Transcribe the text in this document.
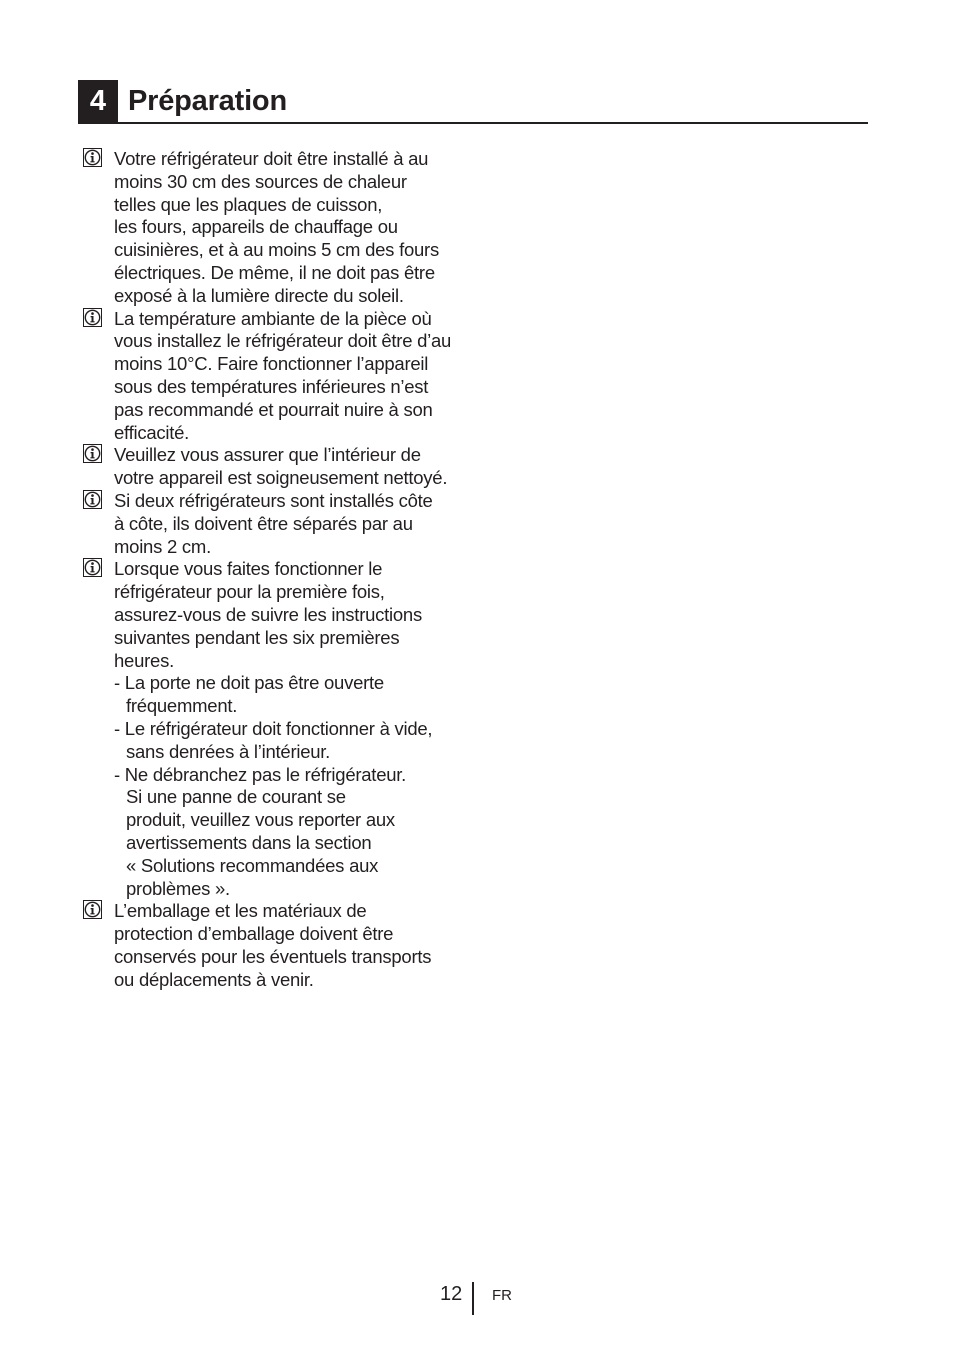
4 Préparation
Votre réfrigérateur doit être installé à au
moins 30 cm des sources de chaleur
telles que les plaques de cuisson,
les fours, appareils de chauffage ou
cuisinières, et à au moins 5 cm des fours
électriques. De même, il ne doit pas être
exposé à la lumière directe du soleil.
La température ambiante de la pièce où
vous installez le réfrigérateur doit être d’au
moins 10°C. Faire fonctionner l’appareil
sous des températures inférieures n’est
pas recommandé et pourrait nuire à son
efficacité.
Veuillez vous assurer que l’intérieur de
votre appareil est soigneusement nettoyé.
Si deux réfrigérateurs sont installés côte
à côte, ils doivent être séparés par au
moins 2 cm.
Lorsque vous faites fonctionner le
réfrigérateur pour la première fois,
assurez-vous de suivre les instructions
suivantes pendant les six premières
heures.
- La porte ne doit pas être ouverte
fréquemment.
- Le réfrigérateur doit fonctionner à vide,
sans denrées à l’intérieur.
- Ne débranchez pas le réfrigérateur.
Si une panne de courant se
produit, veuillez vous reporter aux
avertissements dans la section
« Solutions recommandées aux
problèmes ».
L’emballage et les matériaux de
protection d’emballage doivent être
conservés pour les éventuels transports
ou déplacements à venir.
12 FR
